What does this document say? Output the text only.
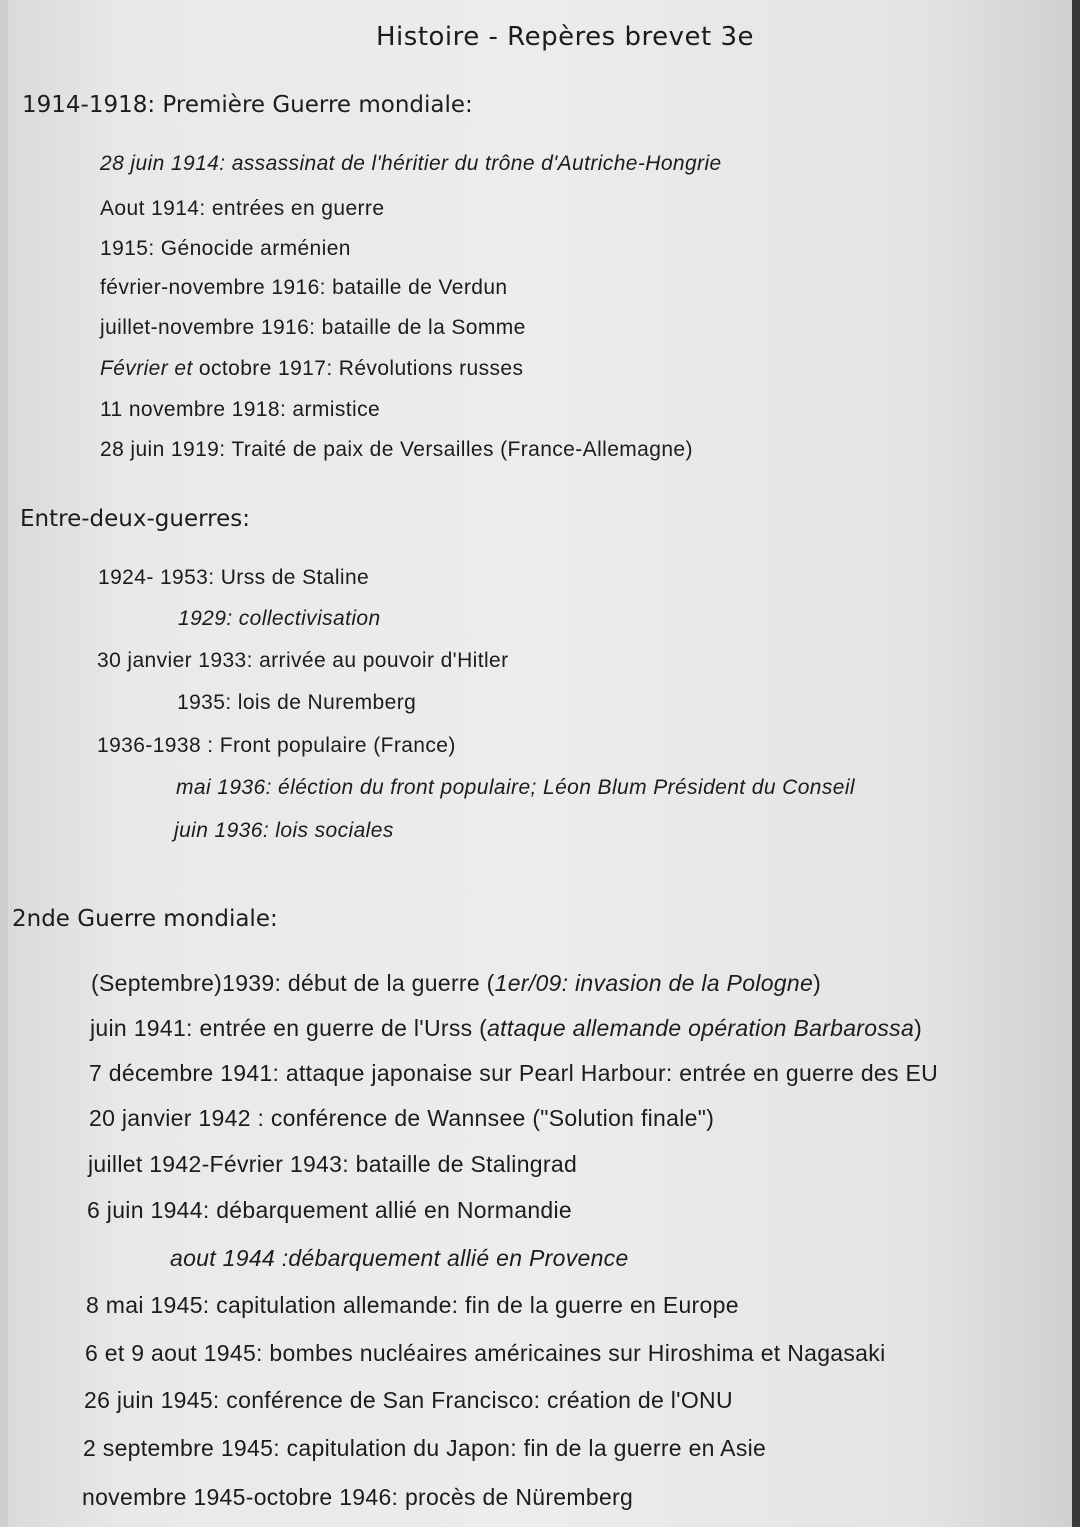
Histoire - Repères brevet 3e
1914-1918: Première Guerre mondiale:
28 juin 1914: assassinat de l'héritier du trône d'Autriche-Hongrie
Aout 1914: entrées en guerre
1915: Génocide arménien
février-novembre 1916: bataille de Verdun
juillet-novembre 1916: bataille de la Somme
Février et octobre 1917: Révolutions russes
11 novembre 1918: armistice
28 juin 1919: Traité de paix de Versailles (France-Allemagne)
Entre-deux-guerres:
1924- 1953: Urss de Staline
1929: collectivisation
30 janvier 1933: arrivée au pouvoir d'Hitler
1935: lois de Nuremberg
1936-1938 : Front populaire (France)
mai 1936: éléction du front populaire; Léon Blum Président du Conseil
juin 1936: lois sociales
2nde Guerre mondiale:
(Septembre)1939: début de la guerre (1er/09: invasion de la Pologne)
juin 1941: entrée en guerre de l'Urss (attaque allemande opération Barbarossa)
7 décembre 1941: attaque japonaise sur Pearl Harbour: entrée en guerre des EU
20 janvier 1942 : conférence de Wannsee ("Solution finale")
juillet 1942-Février 1943: bataille de Stalingrad
6 juin 1944: débarquement allié en Normandie
aout 1944 :débarquement allié en Provence
8 mai 1945: capitulation allemande: fin de la guerre en Europe
6 et 9 aout 1945: bombes nucléaires américaines sur Hiroshima et Nagasaki
26 juin 1945: conférence de San Francisco: création de l'ONU
2 septembre 1945: capitulation du Japon: fin de la guerre en Asie
novembre 1945-octobre 1946: procès de Nüremberg
